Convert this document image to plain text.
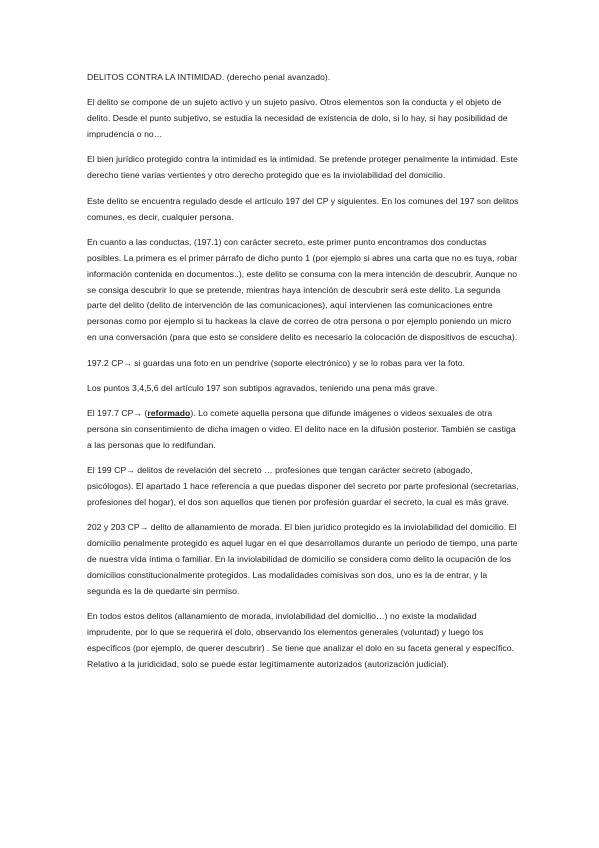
DELITOS CONTRA LA INTIMIDAD. (derecho penal avanzado).

El delito se compone de un sujeto activo y un sujeto pasivo. Otros elementos son la conducta y el objeto de delito. Desde el punto subjetivo, se estudia la necesidad de existencia de dolo, si lo hay, si hay posibilidad de imprudencia o no…

El bien jurídico protegido contra la intimidad es la intimidad. Se pretende proteger penalmente la intimidad. Este derecho tiene varias vertientes y otro derecho protegido que es la inviolabilidad del domicilio.

Este delito se encuentra regulado desde el artículo 197 del CP y siguientes. En los comunes del 197 son delitos comunes, es decir, cualquier persona.

En cuanto a las conductas, (197.1) con carácter secreto, este primer punto encontramos dos conductas posibles. La primera es el primer párrafo de dicho punto 1 (por ejemplo si abres una carta que no es tuya, robar información contenida en documentos..), este delito se consuma con la mera intención de descubrir. Aunque no se consiga descubrir lo que se pretende, mientras haya intención de descubrir será este delito. La segunda parte del delito (delito de intervención de las comunicaciones), aquí intervienen las comunicaciones entre personas como por ejemplo si tu hackeas la clave de correo de otra persona o por ejemplo poniendo un micro en una conversación (para que esto se considere delito es necesario la colocación de dispositivos de escucha).

197.2 CP→ si guardas una foto en un pendrive (soporte electrónico) y se lo robas para ver la foto.

Los puntos 3,4,5,6 del artículo 197 son subtipos agravados, teniendo una pena más grave.

El 197.7 CP→ (reformado). Lo comete aquella persona que difunde imágenes o videos sexuales de otra persona sin consentimiento de dicha imagen o video. El delito nace en la difusión posterior. También se castiga a las personas que lo redifundan.

El 199 CP→ delitos de revelación del secreto … profesiones que tengan carácter secreto (abogado, psicólogos). El apartado 1 hace referencia a que puedas disponer del secreto por parte profesional (secretarias, profesiones del hogar), el dos son aquellos que tienen por profesión guardar el secreto, la cual es más grave.

202 y 203 CP→ delito de allanamiento de morada. El bien jurídico protegido es la inviolabilidad del domicilio. El domicilio penalmente protegido es aquel lugar en el que desarrollamos durante un periodo de tiempo, una parte de nuestra vida íntima o familiar. En la inviolabilidad de domicilio se considera como delito la ocupación de los domicilios constitucionalmente protegidos. Las modalidades comisivas son dos, uno es la de entrar, y la segunda es la de quedarte sin permiso.

En todos estos delitos (allanamiento de morada, inviolabilidad del domicilio…) no existe la modalidad imprudente, por lo que se requerirá el dolo, observando los elementos generales (voluntad) y luego los específicos (por ejemplo, de querer descubrir) . Se tiene que analizar el dolo en su faceta general y específico. Relativo a la juridicidad, solo se puede estar legítimamente autorizados (autorización judicial).
